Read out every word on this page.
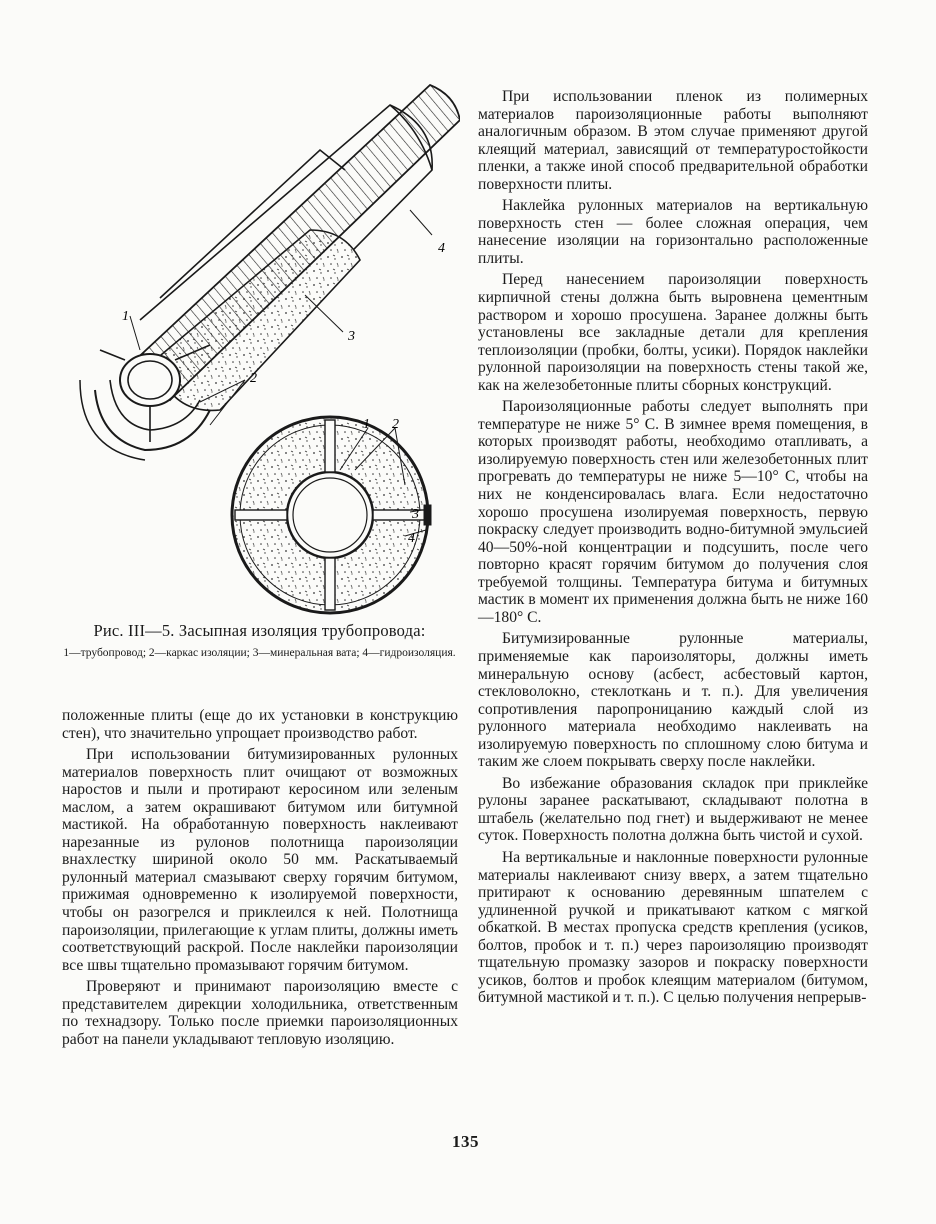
1
2
3
4
1 2
3
4
Рис. III—5. Засыпная изоляция трубопровода:
1—трубопровод; 2—каркас изоляции; 3—минеральная вата; 4—гидроизоляция.

положенные плиты (еще до их установки в конструкцию стен), что значительно упрощает производство работ.

При использовании битумизированных рулонных материалов поверхность плит очищают от возможных наростов и пыли и протирают керосином или зеленым маслом, а затем окрашивают битумом или битумной мастикой. На обработанную поверхность наклеивают нарезанные из рулонов полотнища пароизоляции внахлестку шириной около 50 мм. Раскатываемый рулонный материал смазывают сверху горячим битумом, прижимая одновременно к изолируемой поверхности, чтобы он разогрелся и приклеился к ней. Полотнища пароизоляции, прилегающие к углам плиты, должны иметь соответствующий раскрой. После наклейки пароизоляции все швы тщательно промазывают горячим битумом.

Проверяют и принимают пароизоляцию вместе с представителем дирекции холодильника, ответственным по технадзору. Только после приемки пароизоляционных работ на панели укладывают тепловую изоляцию.

При использовании пленок из полимерных материалов пароизоляционные работы выполняют аналогичным образом. В этом случае применяют другой клеящий материал, зависящий от температуростойкости пленки, а также иной способ предварительной обработки поверхности плиты.

Наклейка рулонных материалов на вертикальную поверхность стен — более сложная операция, чем нанесение изоляции на горизонтально расположенные плиты.

Перед нанесением пароизоляции поверхность кирпичной стены должна быть выровнена цементным раствором и хорошо просушена. Заранее должны быть установлены все закладные детали для крепления теплоизоляции (пробки, болты, усики). Порядок наклейки рулонной пароизоляции на поверхность стены такой же, как на железобетонные плиты сборных конструкций.

Пароизоляционные работы следует выполнять при температуре не ниже 5° С. В зимнее время помещения, в которых производят работы, необходимо отапливать, а изолируемую поверхность стен или железобетонных плит прогревать до температуры не ниже 5—10° С, чтобы на них не конденсировалась влага. Если недостаточно хорошо просушена изолируемая поверхность, первую покраску следует производить водно-битумной эмульсией 40—50%-ной концентрации и подсушить, после чего повторно красят горячим битумом до получения слоя требуемой толщины. Температура битума и битумных мастик в момент их применения должна быть не ниже 160—180° С.

Битумизированные рулонные материалы, применяемые как пароизоляторы, должны иметь минеральную основу (асбест, асбестовый картон, стекловолокно, стеклоткань и т. п.). Для увеличения сопротивления паропроницанию каждый слой из рулонного материала необходимо наклеивать на изолируемую поверхность по сплошному слою битума и таким же слоем покрывать сверху после наклейки.

Во избежание образования складок при приклейке рулоны заранее раскатывают, складывают полотна в штабель (желательно под гнет) и выдерживают не менее суток. Поверхность полотна должна быть чистой и сухой.

На вертикальные и наклонные поверхности рулонные материалы наклеивают снизу вверх, а затем тщательно притирают к основанию деревянным шпателем с удлиненной ручкой и прикатывают катком с мягкой обкаткой. В местах пропуска средств крепления (усиков, болтов, пробок и т. п.) через пароизоляцию производят тщательную промазку зазоров и покраску поверхности усиков, болтов и пробок клеящим материалом (битумом, битумной мастикой и т. п.). С целью получения непрерыв-

135
